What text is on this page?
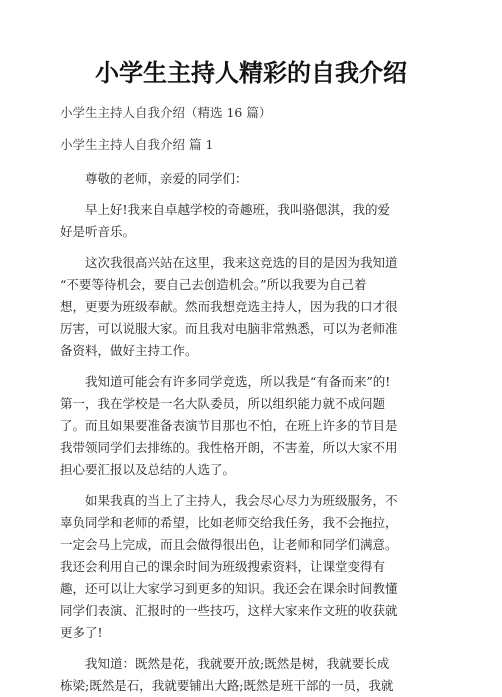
小学生主持人精彩的自我介绍

小学生主持人自我介绍（精选 16 篇）

小学生主持人自我介绍 篇 1

尊敬的老师，亲爱的同学们：

早上好!我来自卓越学校的奇趣班，我叫骆偲淇，我的爱
好是听音乐。

这次我很高兴站在这里，我来这竞选的目的是因为我知道
“不要等待机会，要自己去创造机会。”所以我要为自己着
想，更要为班级奉献。然而我想竞选主持人，因为我的口才很
厉害，可以说服大家。而且我对电脑非常熟悉，可以为老师准
备资料，做好主持工作。

我知道可能会有许多同学竞选，所以我是“有备而来”的!
第一，我在学校是一名大队委员，所以组织能力就不成问题
了。而且如果要准备表演节目那也不怕，在班上许多的节目是
我带领同学们去排练的。我性格开朗，不害羞，所以大家不用
担心要汇报以及总结的人选了。

如果我真的当上了主持人，我会尽心尽力为班级服务，不
辜负同学和老师的希望，比如老师交给我任务，我不会拖拉，
一定会马上完成，而且会做得很出色，让老师和同学们满意。
我还会利用自己的课余时间为班级搜索资料，让课堂变得有
趣，还可以让大家学习到更多的知识。我还会在课余时间教懂
同学们表演、汇报时的一些技巧，这样大家来作文班的收获就
更多了!

我知道：既然是花，我就要开放;既然是树，我就要长成
栋梁;既然是石，我就要铺出大路;既然是班干部的一员，我就
